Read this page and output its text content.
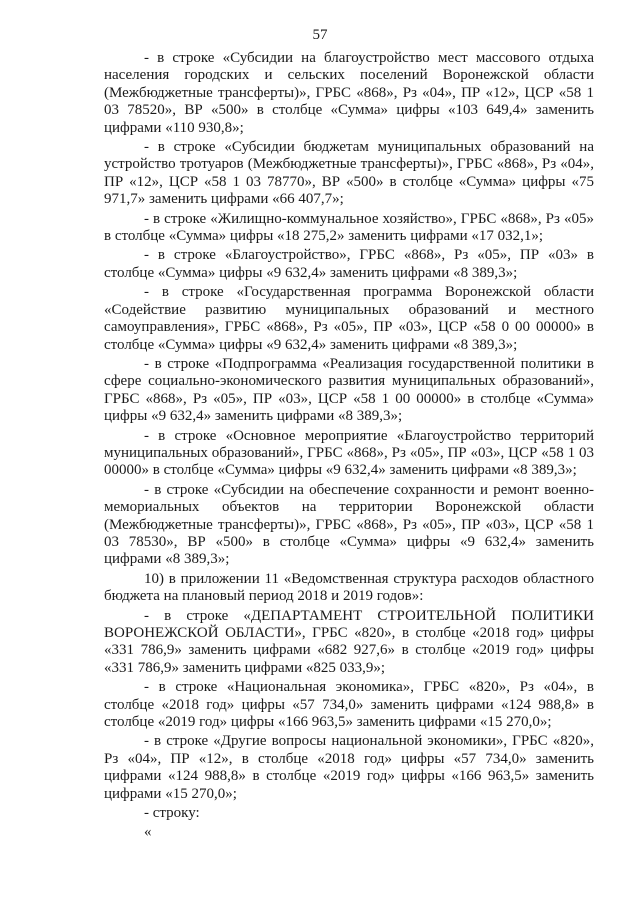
57

- в строке «Субсидии на благоустройство мест массового отдыха населения городских и сельских поселений Воронежской области (Межбюджетные трансферты)», ГРБС «868», Рз «04», ПР «12», ЦСР «58 1 03 78520», ВР «500» в столбце «Сумма» цифры «103 649,4» заменить цифрами «110 930,8»;

- в строке «Субсидии бюджетам муниципальных образований на устройство тротуаров (Межбюджетные трансферты)», ГРБС «868», Рз «04», ПР «12», ЦСР «58 1 03 78770», ВР «500» в столбце «Сумма» цифры «75 971,7» заменить цифрами «66 407,7»;

- в строке «Жилищно-коммунальное хозяйство», ГРБС «868», Рз «05» в столбце «Сумма» цифры «18 275,2» заменить цифрами «17 032,1»;

- в строке «Благоустройство», ГРБС «868», Рз «05», ПР «03» в столбце «Сумма» цифры «9 632,4» заменить цифрами «8 389,3»;

- в строке «Государственная программа Воронежской области «Содействие развитию муниципальных образований и местного самоуправления», ГРБС «868», Рз «05», ПР «03», ЦСР «58 0 00 00000» в столбце «Сумма» цифры «9 632,4» заменить цифрами «8 389,3»;

- в строке «Подпрограмма «Реализация государственной политики в сфере социально-экономического развития муниципальных образований», ГРБС «868», Рз «05», ПР «03», ЦСР «58 1 00 00000» в столбце «Сумма» цифры «9 632,4» заменить цифрами «8 389,3»;

- в строке «Основное мероприятие «Благоустройство территорий муниципальных образований», ГРБС «868», Рз «05», ПР «03», ЦСР «58 1 03 00000» в столбце «Сумма» цифры «9 632,4» заменить цифрами «8 389,3»;

- в строке «Субсидии на обеспечение сохранности и ремонт военно-мемориальных объектов на территории Воронежской области (Межбюджетные трансферты)», ГРБС «868», Рз «05», ПР «03», ЦСР «58 1 03 78530», ВР «500» в столбце «Сумма» цифры «9 632,4» заменить цифрами «8 389,3»;

10) в приложении 11 «Ведомственная структура расходов областного бюджета на плановый период 2018 и 2019 годов»:

- в строке «ДЕПАРТАМЕНТ СТРОИТЕЛЬНОЙ ПОЛИТИКИ ВОРОНЕЖСКОЙ ОБЛАСТИ», ГРБС «820», в столбце «2018 год» цифры «331 786,9» заменить цифрами «682 927,6» в столбце «2019 год» цифры «331 786,9» заменить цифрами «825 033,9»;

- в строке «Национальная экономика», ГРБС «820», Рз «04», в столбце «2018 год» цифры «57 734,0» заменить цифрами «124 988,8» в столбце «2019 год» цифры «166 963,5» заменить цифрами «15 270,0»;

- в строке «Другие вопросы национальной экономики», ГРБС «820», Рз «04», ПР «12», в столбце «2018 год» цифры «57 734,0» заменить цифрами «124 988,8» в столбце «2019 год» цифры «166 963,5» заменить цифрами «15 270,0»;

- строку:

«
